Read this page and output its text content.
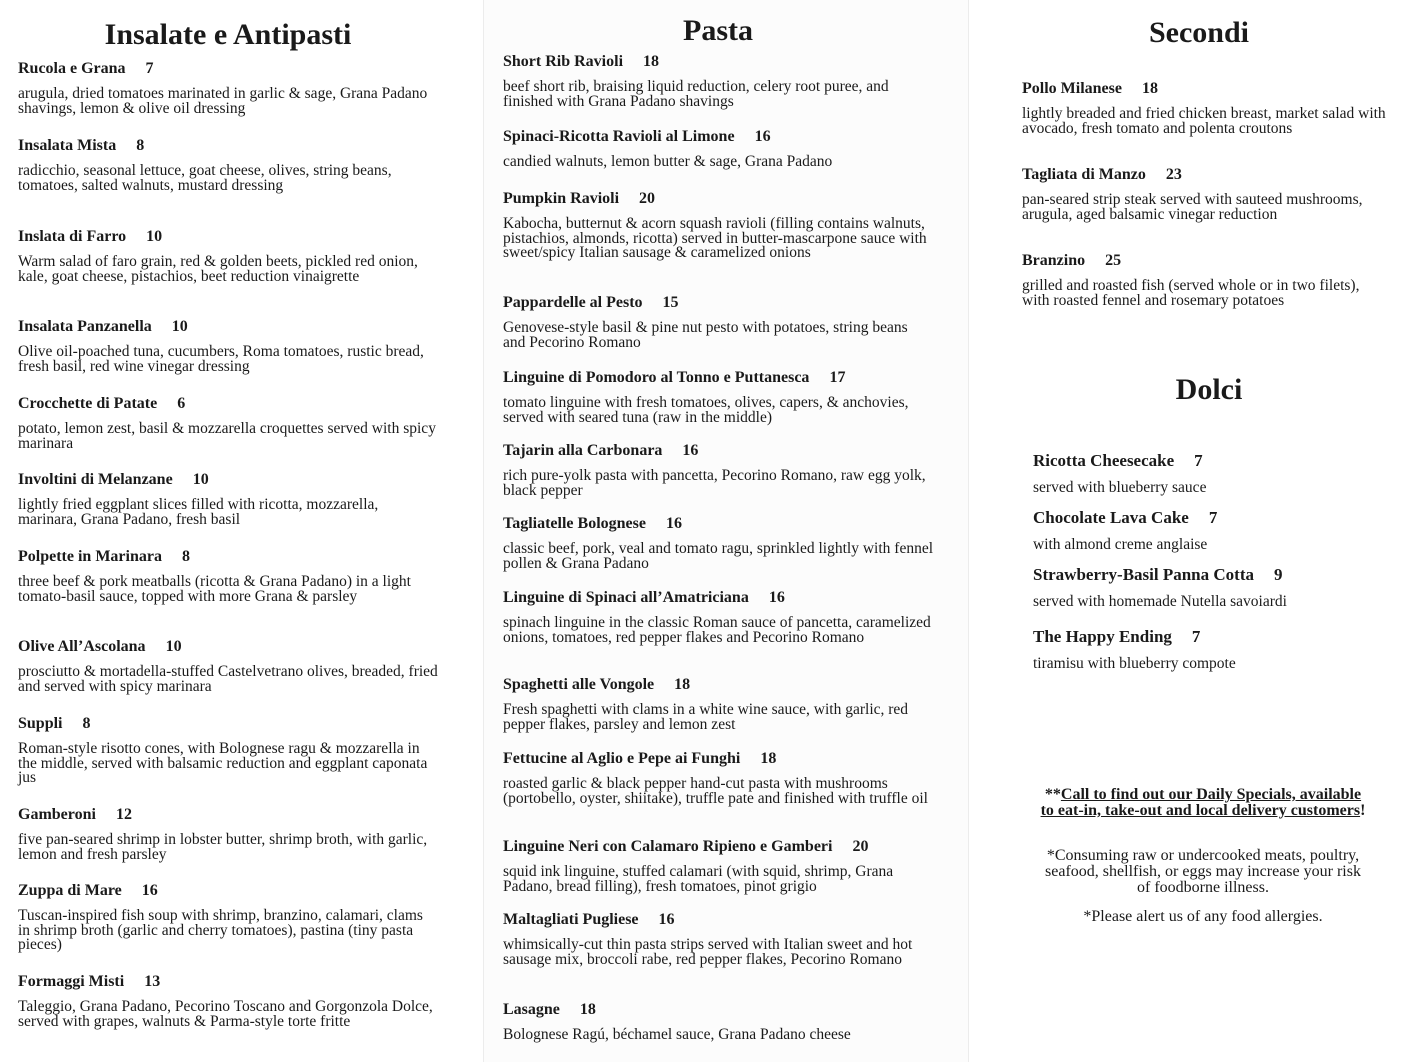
Insalate e Antipasti
Rucola e Grana 7
arugula, dried tomatoes marinated in garlic & sage, Grana Padano shavings, lemon & olive oil dressing
Insalata Mista 8
radicchio, seasonal lettuce, goat cheese, olives, string beans, tomatoes, salted walnuts, mustard dressing
Inslata di Farro 10
Warm salad of faro grain, red & golden beets, pickled red onion, kale, goat cheese, pistachios, beet reduction vinaigrette
Insalata Panzanella 10
Olive oil-poached tuna, cucumbers, Roma tomatoes, rustic bread, fresh basil, red wine vinegar dressing
Crocchette di Patate 6
potato, lemon zest, basil & mozzarella croquettes served with spicy marinara
Involtini di Melanzane 10
lightly fried eggplant slices filled with ricotta, mozzarella, marinara, Grana Padano, fresh basil
Polpette in Marinara 8
three beef & pork meatballs (ricotta & Grana Padano) in a light tomato-basil sauce, topped with more Grana & parsley
Olive All’Ascolana 10
prosciutto & mortadella-stuffed Castelvetrano olives, breaded, fried and served with spicy marinara
Suppli 8
Roman-style risotto cones, with Bolognese ragu & mozzarella in the middle, served with balsamic reduction and eggplant caponata jus
Gamberoni 12
five pan-seared shrimp in lobster butter, shrimp broth, with garlic, lemon and fresh parsley
Zuppa di Mare 16
Tuscan-inspired fish soup with shrimp, branzino, calamari, clams in shrimp broth (garlic and cherry tomatoes), pastina (tiny pasta pieces)
Formaggi Misti 13
Taleggio, Grana Padano, Pecorino Toscano and Gorgonzola Dolce, served with grapes, walnuts & Parma-style torte fritte
Pasta
Short Rib Ravioli 18
beef short rib, braising liquid reduction, celery root puree, and finished with Grana Padano shavings
Spinaci-Ricotta Ravioli al Limone 16
candied walnuts, lemon butter & sage, Grana Padano
Pumpkin Ravioli 20
Kabocha, butternut & acorn squash ravioli (filling contains walnuts, pistachios, almonds, ricotta) served in butter-mascarpone sauce with sweet/spicy Italian sausage & caramelized onions
Pappardelle al Pesto 15
Genovese-style basil & pine nut pesto with potatoes, string beans and Pecorino Romano
Linguine di Pomodoro al Tonno e Puttanesca 17
tomato linguine with fresh tomatoes, olives, capers, & anchovies, served with seared tuna (raw in the middle)
Tajarin alla Carbonara 16
rich pure-yolk pasta with pancetta, Pecorino Romano, raw egg yolk, black pepper
Tagliatelle Bolognese 16
classic beef, pork, veal and tomato ragu, sprinkled lightly with fennel pollen & Grana Padano
Linguine di Spinaci all’Amatriciana 16
spinach linguine in the classic Roman sauce of pancetta, caramelized onions, tomatoes, red pepper flakes and Pecorino Romano
Spaghetti alle Vongole 18
Fresh spaghetti with clams in a white wine sauce, with garlic, red pepper flakes, parsley and lemon zest
Fettucine al Aglio e Pepe ai Funghi 18
roasted garlic & black pepper hand-cut pasta with mushrooms (portobello, oyster, shiitake), truffle pate and finished with truffle oil
Linguine Neri con Calamaro Ripieno e Gamberi 20
squid ink linguine, stuffed calamari (with squid, shrimp, Grana Padano, bread filling), fresh tomatoes, pinot grigio
Maltagliati Pugliese 16
whimsically-cut thin pasta strips served with Italian sweet and hot sausage mix, broccoli rabe, red pepper flakes, Pecorino Romano
Lasagne 18
Bolognese Ragú, béchamel sauce, Grana Padano cheese
Secondi
Pollo Milanese 18
lightly breaded and fried chicken breast, market salad with avocado, fresh tomato and polenta croutons
Tagliata di Manzo 23
pan-seared strip steak served with sauteed mushrooms, arugula, aged balsamic vinegar reduction
Branzino 25
grilled and roasted fish (served whole or in two filets), with roasted fennel and rosemary potatoes
Dolci
Ricotta Cheesecake 7
served with blueberry sauce
Chocolate Lava Cake 7
with almond creme anglaise
Strawberry-Basil Panna Cotta 9
served with homemade Nutella savoiardi
The Happy Ending 7
tiramisu with blueberry compote
**Call to find out our Daily Specials, available to eat-in, take-out and local delivery customers!
*Consuming raw or undercooked meats, poultry, seafood, shellfish, or eggs may increase your risk of foodborne illness.
*Please alert us of any food allergies.
